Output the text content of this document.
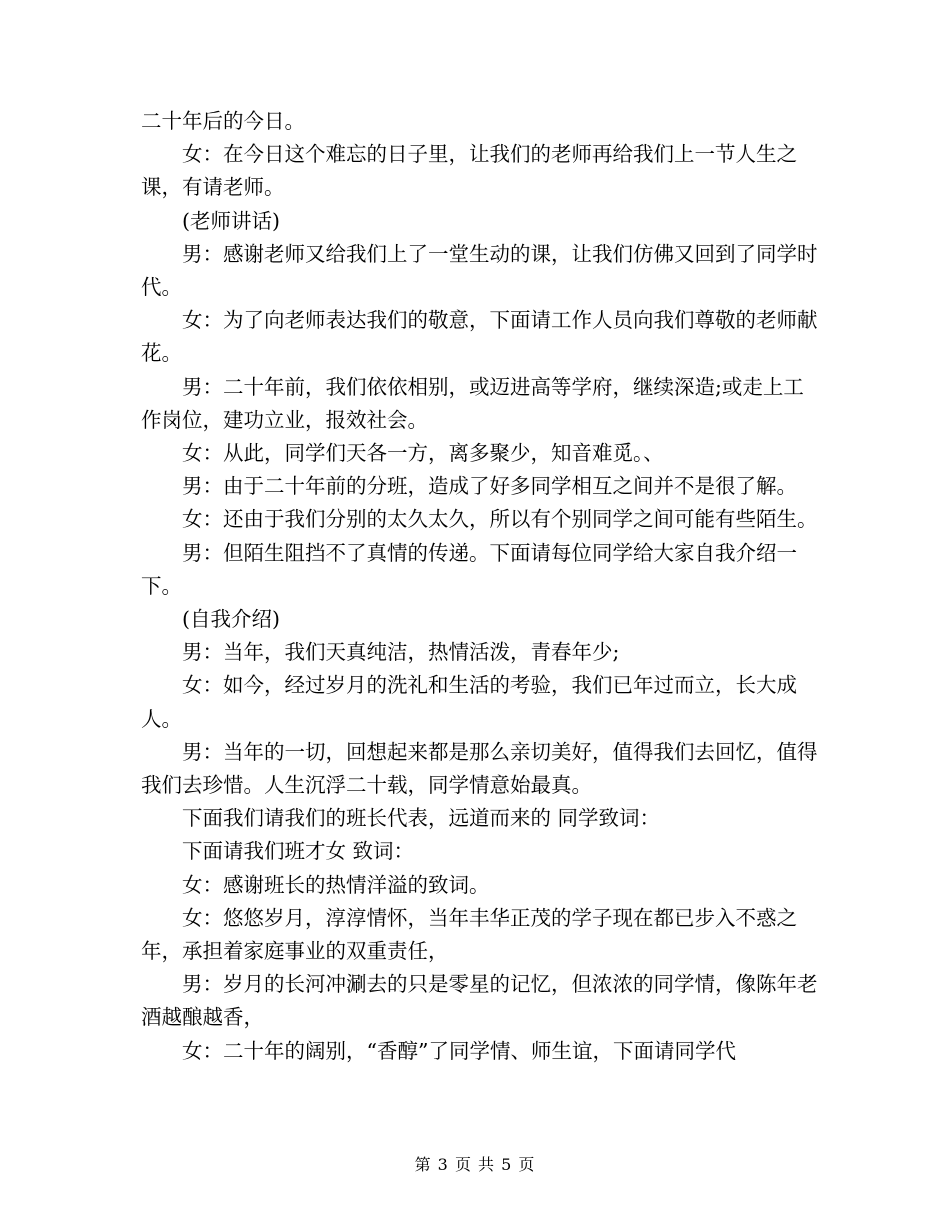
二十年后的今日。

女：在今日这个难忘的日子里，让我们的老师再给我们上一节人生之课，有请老师。

(老师讲话)

男：感谢老师又给我们上了一堂生动的课，让我们仿佛又回到了同学时代。

女：为了向老师表达我们的敬意，下面请工作人员向我们尊敬的老师献花。

男：二十年前，我们依依相别，或迈进高等学府，继续深造;或走上工作岗位，建功立业，报效社会。

女：从此，同学们天各一方，离多聚少，知音难觅。、

男：由于二十年前的分班，造成了好多同学相互之间并不是很了解。

女：还由于我们分别的太久太久，所以有个别同学之间可能有些陌生。

男：但陌生阻挡不了真情的传递。下面请每位同学给大家自我介绍一下。

(自我介绍)

男：当年，我们天真纯洁，热情活泼，青春年少;

女：如今，经过岁月的洗礼和生活的考验，我们已年过而立，长大成人。

男：当年的一切，回想起来都是那么亲切美好，值得我们去回忆，值得我们去珍惜。人生沉浮二十载，同学情意始最真。

下面我们请我们的班长代表，远道而来的 同学致词：

下面请我们班才女 致词：

女：感谢班长的热情洋溢的致词。

女：悠悠岁月，淳淳情怀，当年丰华正茂的学子现在都已步入不惑之年，承担着家庭事业的双重责任，

男：岁月的长河冲涮去的只是零星的记忆，但浓浓的同学情，像陈年老酒越酿越香，

女：二十年的阔别，“香醇”了同学情、师生谊，下面请同学代

第 3 页 共 5 页
